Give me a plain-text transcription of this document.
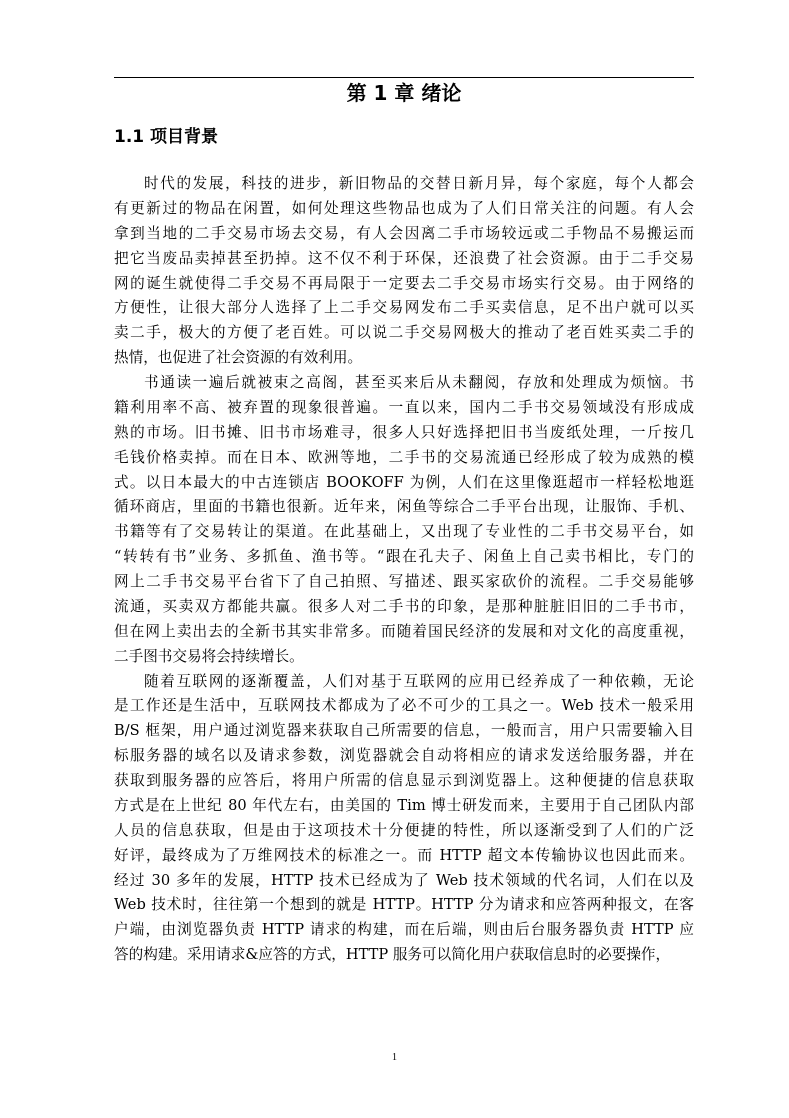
第 1 章 绪论
1.1 项目背景
时代的发展，科技的进步，新旧物品的交替日新月异，每个家庭，每个人都会
有更新过的物品在闲置，如何处理这些物品也成为了人们日常关注的问题。有人会
拿到当地的二手交易市场去交易，有人会因离二手市场较远或二手物品不易搬运而
把它当废品卖掉甚至扔掉。这不仅不利于环保，还浪费了社会资源。由于二手交易
网的诞生就使得二手交易不再局限于一定要去二手交易市场实行交易。由于网络的
方便性，让很大部分人选择了上二手交易网发布二手买卖信息，足不出户就可以买
卖二手，极大的方便了老百姓。可以说二手交易网极大的推动了老百姓买卖二手的
热情，也促进了社会资源的有效利用。
书通读一遍后就被束之高阁，甚至买来后从未翻阅，存放和处理成为烦恼。书
籍利用率不高、被弃置的现象很普遍。一直以来，国内二手书交易领域没有形成成
熟的市场。旧书摊、旧书市场难寻，很多人只好选择把旧书当废纸处理，一斤按几
毛钱价格卖掉。而在日本、欧洲等地，二手书的交易流通已经形成了较为成熟的模
式。以日本最大的中古连锁店 BOOKOFF 为例，人们在这里像逛超市一样轻松地逛
循环商店，里面的书籍也很新。近年来，闲鱼等综合二手平台出现，让服饰、手机、
书籍等有了交易转让的渠道。在此基础上，又出现了专业性的二手书交易平台，如
“转转有书”业务、多抓鱼、渔书等。“跟在孔夫子、闲鱼上自己卖书相比，专门的
网上二手书交易平台省下了自己拍照、写描述、跟买家砍价的流程。二手交易能够
流通，买卖双方都能共赢。很多人对二手书的印象，是那种脏脏旧旧的二手书市，
但在网上卖出去的全新书其实非常多。而随着国民经济的发展和对文化的高度重视，
二手图书交易将会持续增长。
随着互联网的逐渐覆盖，人们对基于互联网的应用已经养成了一种依赖，无论
是工作还是生活中，互联网技术都成为了必不可少的工具之一。Web 技术一般采用
B/S 框架，用户通过浏览器来获取自己所需要的信息，一般而言，用户只需要输入目
标服务器的域名以及请求参数，浏览器就会自动将相应的请求发送给服务器，并在
获取到服务器的应答后，将用户所需的信息显示到浏览器上。这种便捷的信息获取
方式是在上世纪 80 年代左右，由美国的 Tim 博士研发而来，主要用于自己团队内部
人员的信息获取，但是由于这项技术十分便捷的特性，所以逐渐受到了人们的广泛
好评，最终成为了万维网技术的标准之一。而 HTTP 超文本传输协议也因此而来。
经过 30 多年的发展，HTTP 技术已经成为了 Web 技术领域的代名词，人们在以及
Web 技术时，往往第一个想到的就是 HTTP。HTTP 分为请求和应答两种报文，在客
户端，由浏览器负责 HTTP 请求的构建，而在后端，则由后台服务器负责 HTTP 应
答的构建。采用请求&应答的方式，HTTP 服务可以简化用户获取信息时的必要操作，
1
